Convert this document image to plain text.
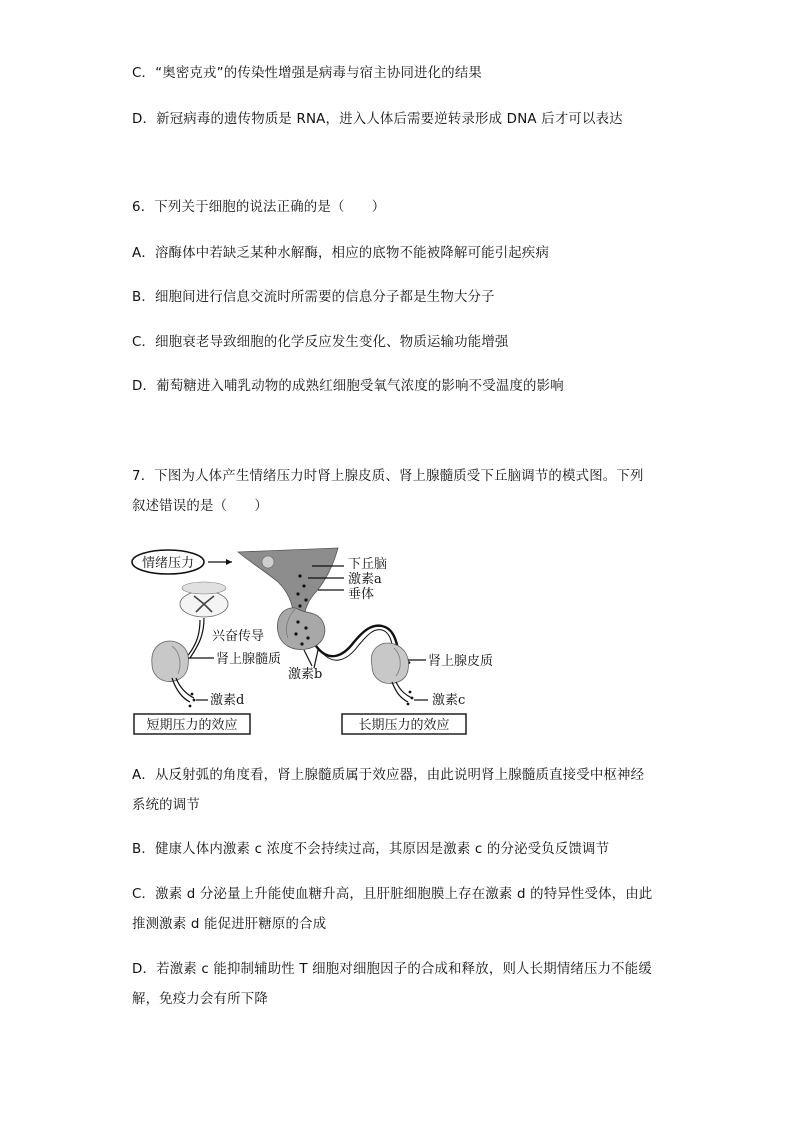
C．“奥密克戎”的传染性增强是病毒与宿主协同进化的结果
D．新冠病毒的遗传物质是 RNA，进入人体后需要逆转录形成 DNA 后才可以表达
6．下列关于细胞的说法正确的是（　　）
A．溶酶体中若缺乏某种水解酶，相应的底物不能被降解可能引起疾病
B．细胞间进行信息交流时所需要的信息分子都是生物大分子
C．细胞衰老导致细胞的化学反应发生变化、物质运输功能增强
D．葡萄糖进入哺乳动物的成熟红细胞受氧气浓度的影响不受温度的影响
7．下图为人体产生情绪压力时肾上腺皮质、肾上腺髓质受下丘脑调节的模式图。下列
叙述错误的是（　　）
情绪压力	下丘脑
激素a
垂体
兴奋传导
肾上腺髓质
激素d
激素b
肾上腺皮质
激素c
短期压力的效应	长期压力的效应
A．从反射弧的角度看，肾上腺髓质属于效应器，由此说明肾上腺髓质直接受中枢神经
系统的调节
B．健康人体内激素 c 浓度不会持续过高，其原因是激素 c 的分泌受负反馈调节
C．激素 d 分泌量上升能使血糖升高，且肝脏细胞膜上存在激素 d 的特异性受体，由此
推测激素 d 能促进肝糖原的合成
D．若激素 c 能抑制辅助性 T 细胞对细胞因子的合成和释放，则人长期情绪压力不能缓
解，免疫力会有所下降
